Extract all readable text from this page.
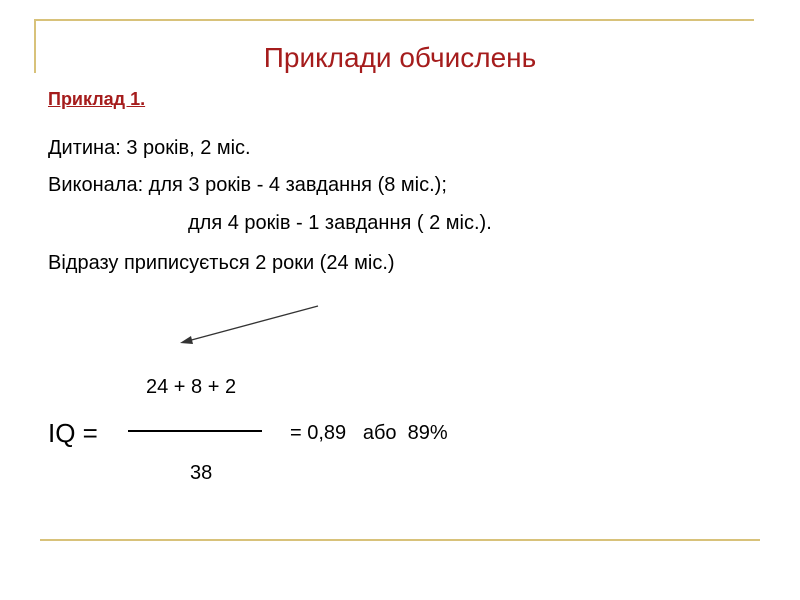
Приклади обчислень
Приклад 1.
Дитина: 3 років, 2 міс.
Виконала: для 3 років - 4 завдання (8 міс.);
для 4 років - 1 завдання ( 2 міс.).
Відразу приписується 2 роки (24 міс.)
24 + 8 + 2
IQ =	= 0,89   або  89%
38
